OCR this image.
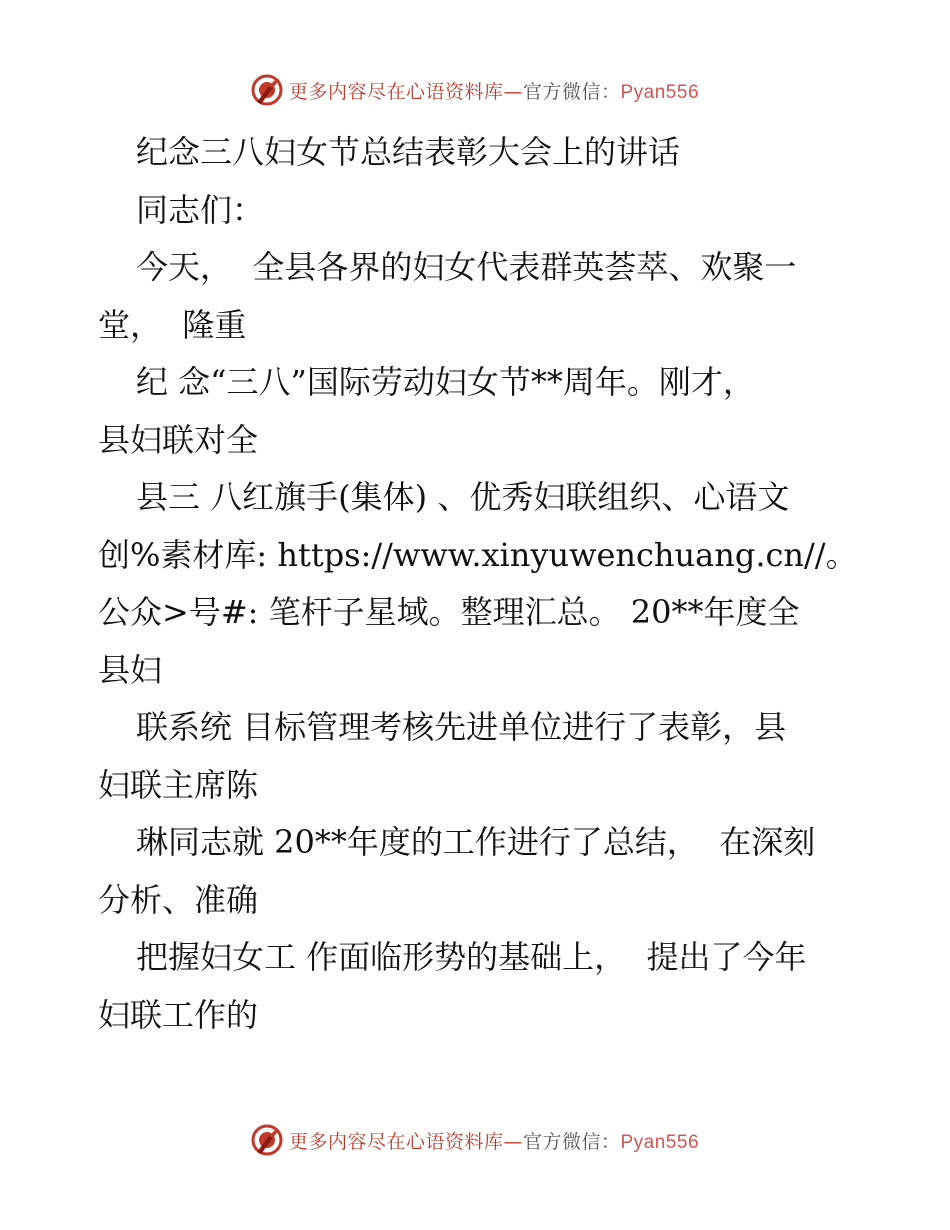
更多内容尽在心语资料库—官方微信：Pyan556
纪念三八妇女节总结表彰大会上的讲话
同志们：
今天，  全县各界的妇女代表群英荟萃、欢聚一
堂，  隆重
纪 念“三八”国际劳动妇女节**周年。刚才，
县妇联对全
县三 八红旗手(集体) 、优秀妇联组织、心语文
创%素材库: https://www.xinyuwenchuang.cn//。
公众>号#: 笔杆子星域。整理汇总。 20**年度全
县妇
联系统 目标管理考核先进单位进行了表彰，县
妇联主席陈
琳同志就 20**年度的工作进行了总结，  在深刻
分析、准确
把握妇女工 作面临形势的基础上，  提出了今年
妇联工作的
更多内容尽在心语资料库—官方微信：Pyan556
